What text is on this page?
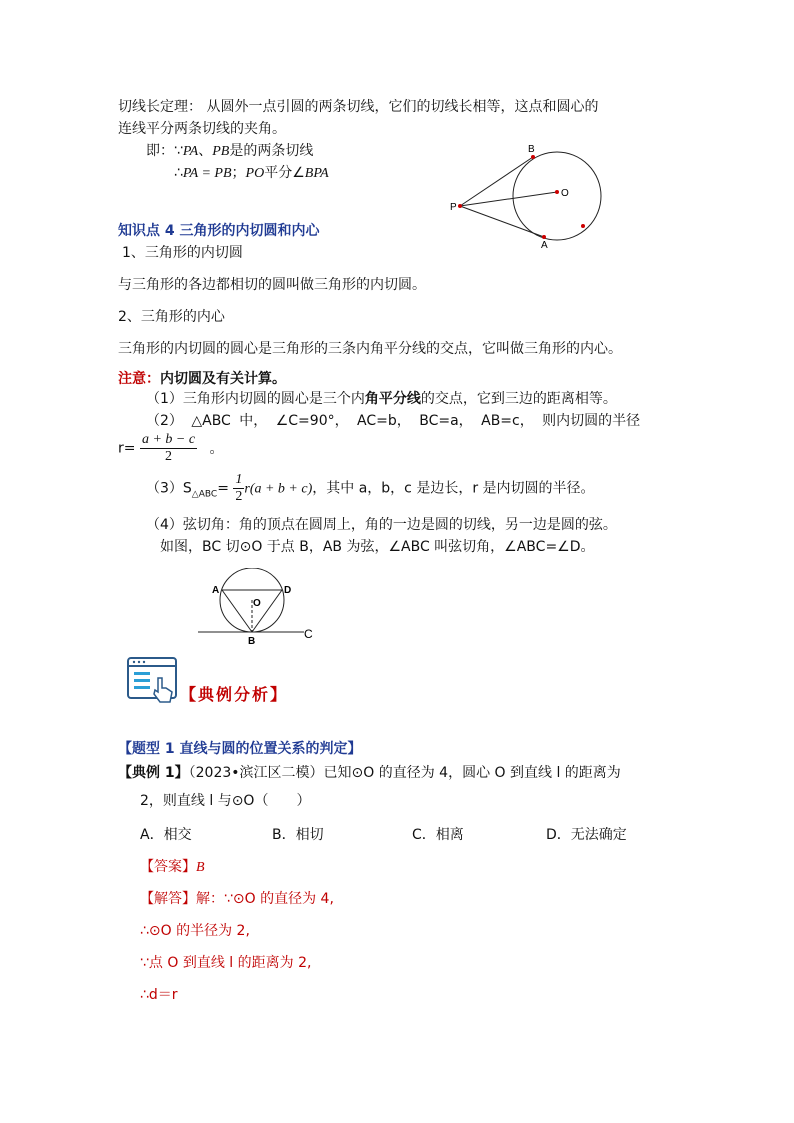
切线长定理： 从圆外一点引圆的两条切线，它们的切线长相等，这点和圆心的
连线平分两条切线的夹角。
即：∵PA、PB是的两条切线
∴PA = PB；PO平分∠BPA
B
O
P
A
知识点 4 三角形的内切圆和内心
1、三角形的内切圆
与三角形的各边都相切的圆叫做三角形的内切圆。
2、三角形的内心
三角形的内切圆的圆心是三角形的三条内角平分线的交点，它叫做三角形的内心。
注意：内切圆及有关计算。
（1）三角形内切圆的圆心是三个内角平分线的交点，它到三边的距离相等。
（2） △ABC 中， ∠C=90°， AC=b， BC=a， AB=c， 则内切圆的半径
$r= \frac{a + b - c}{2}$ 。
$(3)S_{\triangle ABC}= \frac{1}{2} r(a + b + c)$，其中 a，b，c 是边长，r 是内切圆的半径。
（4）弦切角：角的顶点在圆周上，角的一边是圆的切线，另一边是圆的弦。
如图，BC 切⊙O 于点 B，AB 为弦，∠ABC 叫弦切角，∠ABC=∠D。
A
O
D
B
C
【典例分析】
【题型 1 直线与圆的位置关系的判定】
【典例 1】（2023•滨江区二模）已知⊙O 的直径为 4，圆心 O 到直线 l 的距离为
2，则直线 l 与⊙O（　　）
A．相交	B．相切	C．相离	D．无法确定
【答案】B
【解答】解：∵⊙O 的直径为 4,
∴⊙O 的半径为 2,
∵点 O 到直线 l 的距离为 2,
∴d＝r
